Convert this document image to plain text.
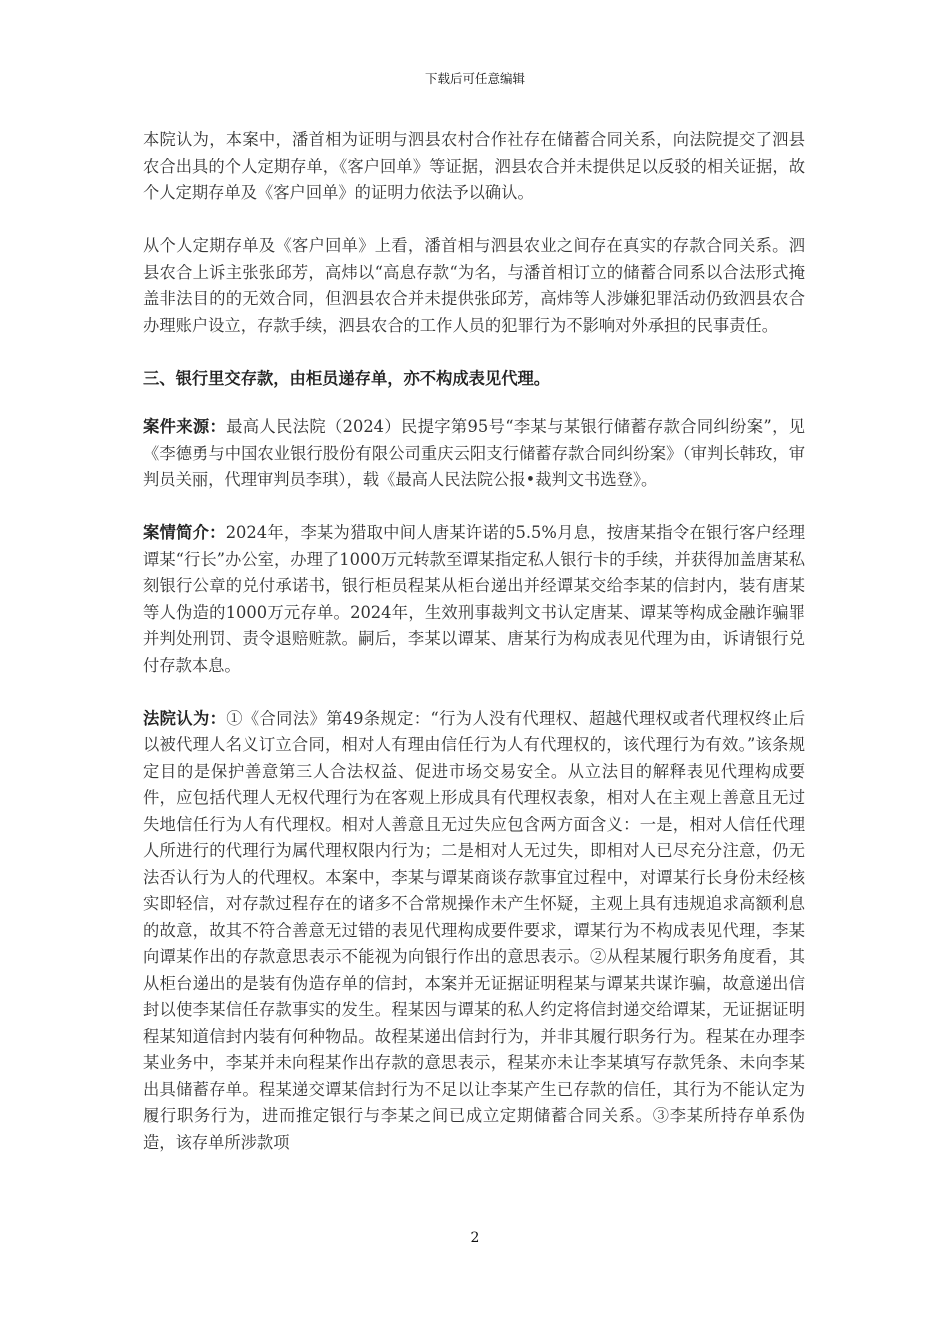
下载后可任意编辑

本院认为，本案中，潘首相为证明与泗县农村合作社存在储蓄合同关系，向法院提交了泗县农合出具的个人定期存单，《客户回单》等证据，泗县农合并未提供足以反驳的相关证据，故个人定期存单及《客户回单》的证明力依法予以确认。

从个人定期存单及《客户回单》上看，潘首相与泗县农业之间存在真实的存款合同关系。泗县农合上诉主张张邱芳，高炜以“高息存款“为名，与潘首相订立的储蓄合同系以合法形式掩盖非法目的的无效合同，但泗县农合并未提供张邱芳，高炜等人涉嫌犯罪活动仍致泗县农合办理账户设立，存款手续，泗县农合的工作人员的犯罪行为不影响对外承担的民事责任。

三、银行里交存款，由柜员递存单，亦不构成表见代理。

案件来源：最高人民法院（2024）民提字第95号“李某与某银行储蓄存款合同纠纷案”，见《李德勇与中国农业银行股份有限公司重庆云阳支行储蓄存款合同纠纷案》（审判长韩玫，审判员关丽，代理审判员李琪），载《最高人民法院公报•裁判文书选登》。

案情简介：2024年，李某为猎取中间人唐某许诺的5.5%月息，按唐某指令在银行客户经理谭某“行长”办公室，办理了1000万元转款至谭某指定私人银行卡的手续，并获得加盖唐某私刻银行公章的兑付承诺书，银行柜员程某从柜台递出并经谭某交给李某的信封内，装有唐某等人伪造的1000万元存单。2024年，生效刑事裁判文书认定唐某、谭某等构成金融诈骗罪并判处刑罚、责令退赔赃款。嗣后，李某以谭某、唐某行为构成表见代理为由，诉请银行兑付存款本息。

法院认为：①《合同法》第49条规定：“行为人没有代理权、超越代理权或者代理权终止后以被代理人名义订立合同，相对人有理由信任行为人有代理权的，该代理行为有效。”该条规定目的是保护善意第三人合法权益、促进市场交易安全。从立法目的解释表见代理构成要件，应包括代理人无权代理行为在客观上形成具有代理权表象，相对人在主观上善意且无过失地信任行为人有代理权。相对人善意且无过失应包含两方面含义：一是，相对人信任代理人所进行的代理行为属代理权限内行为；二是相对人无过失，即相对人已尽充分注意，仍无法否认行为人的代理权。本案中，李某与谭某商谈存款事宜过程中，对谭某行长身份未经核实即轻信，对存款过程存在的诸多不合常规操作未产生怀疑，主观上具有违规追求高额利息的故意，故其不符合善意无过错的表见代理构成要件要求，谭某行为不构成表见代理，李某向谭某作出的存款意思表示不能视为向银行作出的意思表示。②从程某履行职务角度看，其从柜台递出的是装有伪造存单的信封，本案并无证据证明程某与谭某共谋诈骗，故意递出信封以使李某信任存款事实的发生。程某因与谭某的私人约定将信封递交给谭某，无证据证明程某知道信封内装有何种物品。故程某递出信封行为，并非其履行职务行为。程某在办理李某业务中，李某并未向程某作出存款的意思表示，程某亦未让李某填写存款凭条、未向李某出具储蓄存单。程某递交谭某信封行为不足以让李某产生已存款的信任，其行为不能认定为履行职务行为，进而推定银行与李某之间已成立定期储蓄合同关系。③李某所持存单系伪造，该存单所涉款项

2
